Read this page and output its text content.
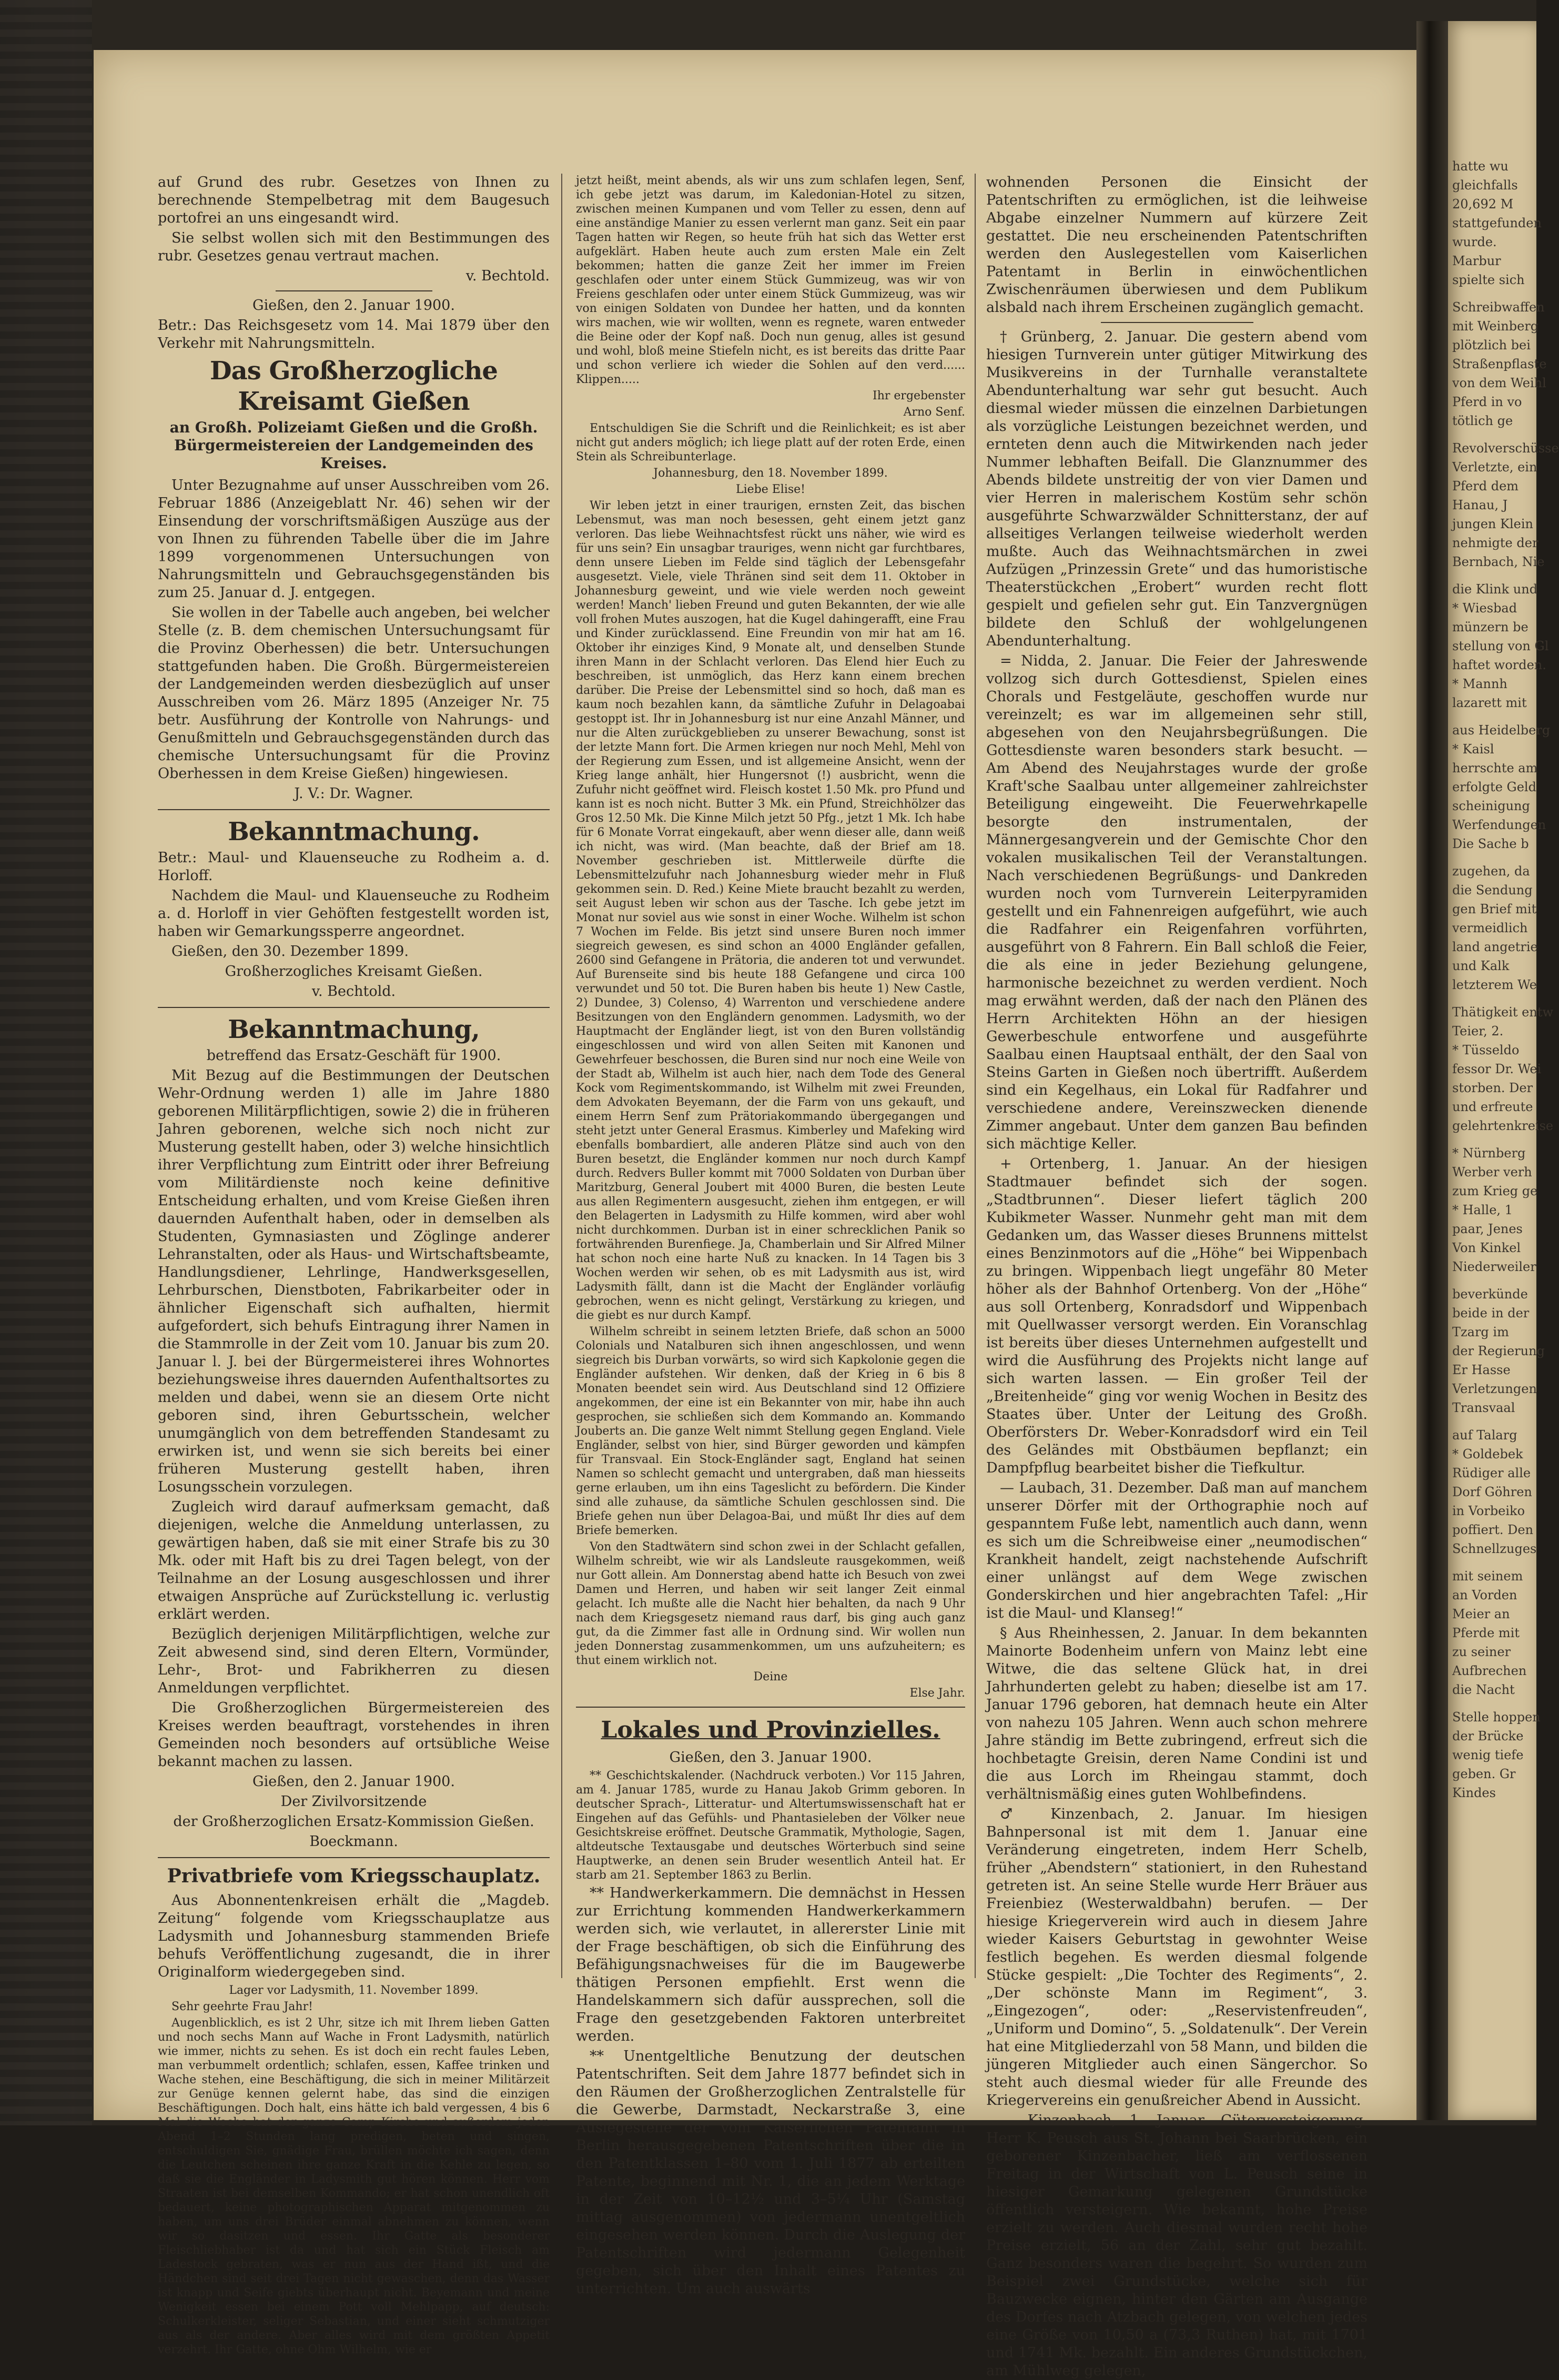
hatte wu
gleichfalls
20,692 M
stattgefunden
wurde.
Marbur
spielte sich
Schreibwaffen
mit Weinberg
plötzlich bei
Straßenpflaste
von dem Weihl
Pferd in vo
tötlich ge
Revolverschüsse
Verletzte, ein
Pferd dem
Hanau, J
jungen Klein
nehmigte der
Bernbach, Nie
die Klink und
* Wiesbad
münzern be
stellung von Gl
haftet worden.
* Mannh
lazarett mit
aus Heidelberg
* Kaisl
herrschte am
erfolgte Geld
scheinigung
Werfendungen
Die Sache b
zugehen, da
die Sendung
gen Brief mit
vermeidlich
land angetrie
und Kalk
letzterem We
Thätigkeit entw
Teier, 2.
* Tüsseldo
fessor Dr. Wei
storben. Der
und erfreute
gelehrtenkreise
* Nürnberg
Werber verh
zum Krieg ge
* Halle, 1
paar, Jenes
Von Kinkel
Niederweiler
beverkünde
beide in der
Tzarg im
der Regierung
Er Hasse
Verletzungen
Transvaal
auf Talarg
* Goldebek
Rüdiger alle
Dorf Göhren
in Vorbeiko
poffiert. Den
Schnellzuges
mit seinem
an Vorden
Meier an
Pferde mit
zu seiner
Aufbrechen
die Nacht
Stelle hoppen
der Brücke
wenig tiefe
geben. Gr
Kindes

auf Grund des rubr. Gesetzes von Ihnen zu berechnende Stempelbetrag mit dem Baugesuch portofrei an uns eingesandt wird.

Sie selbst wollen sich mit den Bestimmungen des rubr. Gesetzes genau vertraut machen.

v. Bechtold.

Gießen, den 2. Januar 1900.

Betr.: Das Reichsgesetz vom 14. Mai 1879 über den Verkehr mit Nahrungsmitteln.

Das Großherzogliche Kreisamt Gießen
an Großh. Polizeiamt Gießen und die Großh. Bürgermeistereien der Landgemeinden des Kreises.

Unter Bezugnahme auf unser Ausschreiben vom 26. Februar 1886 (Anzeigeblatt Nr. 46) sehen wir der Einsendung der vorschriftsmäßigen Auszüge aus der von Ihnen zu führenden Tabelle über die im Jahre 1899 vorgenommenen Untersuchungen von Nahrungsmitteln und Gebrauchsgegenständen bis zum 25. Januar d. J. entgegen.

Sie wollen in der Tabelle auch angeben, bei welcher Stelle (z. B. dem chemischen Untersuchungsamt für die Provinz Oberhessen) die betr. Untersuchungen stattgefunden haben. Die Großh. Bürgermeistereien der Landgemeinden werden diesbezüglich auf unser Ausschreiben vom 26. März 1895 (Anzeiger Nr. 75 betr. Ausführung der Kontrolle von Nahrungs- und Genußmitteln und Gebrauchsgegenständen durch das chemische Untersuchungsamt für die Provinz Oberhessen in dem Kreise Gießen) hingewiesen.

J. V.: Dr. Wagner.

Bekanntmachung.

Betr.: Maul- und Klauenseuche zu Rodheim a. d. Horloff.

Nachdem die Maul- und Klauenseuche zu Rodheim a. d. Horloff in vier Gehöften festgestellt worden ist, haben wir Gemarkungssperre angeordnet.

Gießen, den 30. Dezember 1899.

Großherzogliches Kreisamt Gießen.

v. Bechtold.

Bekanntmachung,

betreffend das Ersatz-Geschäft für 1900.

Mit Bezug auf die Bestimmungen der Deutschen Wehr-Ordnung werden 1) alle im Jahre 1880 geborenen Militärpflichtigen, sowie 2) die in früheren Jahren geborenen, welche sich noch nicht zur Musterung gestellt haben, oder 3) welche hinsichtlich ihrer Verpflichtung zum Eintritt oder ihrer Befreiung vom Militärdienste noch keine definitive Entscheidung erhalten, und vom Kreise Gießen ihren dauernden Aufenthalt haben, oder in demselben als Studenten, Gymnasiasten und Zöglinge anderer Lehranstalten, oder als Haus- und Wirtschaftsbeamte, Handlungsdiener, Lehrlinge, Handwerksgesellen, Lehrburschen, Dienstboten, Fabrikarbeiter oder in ähnlicher Eigenschaft sich aufhalten, hiermit aufgefordert, sich behufs Eintragung ihrer Namen in die Stammrolle in der Zeit vom 10. Januar bis zum 20. Januar l. J. bei der Bürgermeisterei ihres Wohnortes beziehungsweise ihres dauernden Aufenthaltsortes zu melden und dabei, wenn sie an diesem Orte nicht geboren sind, ihren Geburtsschein, welcher unumgänglich von dem betreffenden Standesamt zu erwirken ist, und wenn sie sich bereits bei einer früheren Musterung gestellt haben, ihren Losungsschein vorzulegen.

Zugleich wird darauf aufmerksam gemacht, daß diejenigen, welche die Anmeldung unterlassen, zu gewärtigen haben, daß sie mit einer Strafe bis zu 30 Mk. oder mit Haft bis zu drei Tagen belegt, von der Teilnahme an der Losung ausgeschlossen und ihrer etwaigen Ansprüche auf Zurückstellung ic. verlustig erklärt werden.

Bezüglich derjenigen Militärpflichtigen, welche zur Zeit abwesend sind, sind deren Eltern, Vormünder, Lehr-, Brot- und Fabrikherren zu diesen Anmeldungen verpflichtet.

Die Großherzoglichen Bürgermeistereien des Kreises werden beauftragt, vorstehendes in ihren Gemeinden noch besonders auf ortsübliche Weise bekannt machen zu lassen.

Gießen, den 2. Januar 1900.

Der Zivilvorsitzende

der Großherzoglichen Ersatz-Kommission Gießen.

Boeckmann.

Privatbriefe vom Kriegsschauplatz.

Aus Abonnentenkreisen erhält die „Magdeb. Zeitung“ folgende vom Kriegsschauplatze aus Ladysmith und Johannesburg stammenden Briefe behufs Veröffentlichung zugesandt, die in ihrer Originalform wiedergegeben sind.

Lager vor Ladysmith, 11. November 1899.

Sehr geehrte Frau Jahr!

Augenblicklich, es ist 2 Uhr, sitze ich mit Ihrem lieben Gatten und noch sechs Mann auf Wache in Front Ladysmith, natürlich wie immer, nichts zu sehen. Es ist doch ein recht faules Leben, man verbummelt ordentlich; schlafen, essen, Kaffee trinken und Wache stehen, eine Beschäftigung, die sich in meiner Militärzeit zur Genüge kennen gelernt habe, das sind die einzigen Beschäftigungen. Doch halt, eins hätte ich bald vergessen, 4 bis 6 Mal die Woche hat der ganze Camp Kirche und außerdem jeden Abend 1–2 Stunden lang predigen, beten und singen, entschuldigen Sie, gnädige Frau, brüllen möchte ich sagen, denn die Leutchen scheinen ihre ganze Kraft in die Kehle zu legen, so daß sie die Engländer in Ladysmith gut hören können. Herr vom Straaten ist bei demselben Kommando; er hat schon unendlich oft bedauert, keine photographischen Apparat mitgenommen zu haben, um uns drei Brüder einmal abnehmen zu können, wenn wir so dasitzen und essen. Ihr Gatte als besonderer Fleischliebhaber ist da und hat sich ein Stück Fleisch am Ladestock gebraten, was er nun aus der Hand ißt, und die Händchen sind seit drei Tagen nicht gewaschen, denn das Wasser ist knapp und Seife giebts überhaupt nicht. Beyemann und meine Wenigkeit essen bei einem Pott voll Mehlpapp, auf deutsch: Schulkerkleister, seliger Sebastian, und einer sieht schmutziger aus als der andere. Aber alles wird mit dem größten Appetit verzehrt. Ihr Gatte, ohne Ohm Wilhelm, wie er

jetzt heißt, meint abends, als wir uns zum schlafen legen, Senf, ich gebe jetzt was darum, im Kaledonian-Hotel zu sitzen, zwischen meinen Kumpanen und vom Teller zu essen, denn auf eine anständige Manier zu essen verlernt man ganz. Seit ein paar Tagen hatten wir Regen, so heute früh hat sich das Wetter erst aufgeklärt. Haben heute auch zum ersten Male ein Zelt bekommen; hatten die ganze Zeit her immer im Freien geschlafen oder unter einem Stück Gummizeug, was wir von Freiens geschlafen oder unter einem Stück Gummizeug, was wir von einigen Soldaten von Dundee her hatten, und da konnten wirs machen, wie wir wollten, wenn es regnete, waren entweder die Beine oder der Kopf naß. Doch nun genug, alles ist gesund und wohl, bloß meine Stiefeln nicht, es ist bereits das dritte Paar und schon verliere ich wieder die Sohlen auf den verd...... Klippen.....

Ihr ergebenster

Arno Senf.

Entschuldigen Sie die Schrift und die Reinlichkeit; es ist aber nicht gut anders möglich; ich liege platt auf der roten Erde, einen Stein als Schreibunterlage.

Johannesburg, den 18. November 1899.

Liebe Elise!

Wir leben jetzt in einer traurigen, ernsten Zeit, das bischen Lebensmut, was man noch besessen, geht einem jetzt ganz verloren. Das liebe Weihnachtsfest rückt uns näher, wie wird es für uns sein? Ein unsagbar trauriges, wenn nicht gar furchtbares, denn unsere Lieben im Felde sind täglich der Lebensgefahr ausgesetzt. Viele, viele Thränen sind seit dem 11. Oktober in Johannesburg geweint, und wie viele werden noch geweint werden! Manch' lieben Freund und guten Bekannten, der wie alle voll frohen Mutes auszogen, hat die Kugel dahingerafft, eine Frau und Kinder zurücklassend. Eine Freundin von mir hat am 16. Oktober ihr einziges Kind, 9 Monate alt, und denselben Stunde ihren Mann in der Schlacht verloren. Das Elend hier Euch zu beschreiben, ist unmöglich, das Herz kann einem brechen darüber. Die Preise der Lebensmittel sind so hoch, daß man es kaum noch bezahlen kann, da sämtliche Zufuhr in Delagoabai gestoppt ist. Ihr in Johannesburg ist nur eine Anzahl Männer, und nur die Alten zurückgeblieben zu unserer Bewachung, sonst ist der letzte Mann fort. Die Armen kriegen nur noch Mehl, Mehl von der Regierung zum Essen, und ist allgemeine Ansicht, wenn der Krieg lange anhält, hier Hungersnot (!) ausbricht, wenn die Zufuhr nicht geöffnet wird. Fleisch kostet 1.50 Mk. pro Pfund und kann ist es noch nicht. Butter 3 Mk. ein Pfund, Streichhölzer das Gros 12.50 Mk. Die Kinne Milch jetzt 50 Pfg., jetzt 1 Mk. Ich habe für 6 Monate Vorrat eingekauft, aber wenn dieser alle, dann weiß ich nicht, was wird. (Man beachte, daß der Brief am 18. November geschrieben ist. Mittlerweile dürfte die Lebensmittelzufuhr nach Johannesburg wieder mehr in Fluß gekommen sein. D. Red.) Keine Miete braucht bezahlt zu werden, seit August leben wir schon aus der Tasche. Ich gebe jetzt im Monat nur soviel aus wie sonst in einer Woche. Wilhelm ist schon 7 Wochen im Felde. Bis jetzt sind unsere Buren noch immer siegreich gewesen, es sind schon an 4000 Engländer gefallen, 2600 sind Gefangene in Prätoria, die anderen tot und verwundet. Auf Burenseite sind bis heute 188 Gefangene und circa 100 verwundet und 50 tot. Die Buren haben bis heute 1) New Castle, 2) Dundee, 3) Colenso, 4) Warrenton und verschiedene andere Besitzungen von den Engländern genommen. Ladysmith, wo der Hauptmacht der Engländer liegt, ist von den Buren vollständig eingeschlossen und wird von allen Seiten mit Kanonen und Gewehrfeuer beschossen, die Buren sind nur noch eine Weile von der Stadt ab, Wilhelm ist auch hier, nach dem Tode des General Kock vom Regimentskommando, ist Wilhelm mit zwei Freunden, dem Advokaten Beyemann, der die Farm von uns gekauft, und einem Herrn Senf zum Prätoriakommando übergegangen und steht jetzt unter General Erasmus. Kimberley und Mafeking wird ebenfalls bombardiert, alle anderen Plätze sind auch von den Buren besetzt, die Engländer kommen nur noch durch Kampf durch. Redvers Buller kommt mit 7000 Soldaten von Durban über Maritzburg, General Joubert mit 4000 Buren, die besten Leute aus allen Regimentern ausgesucht, ziehen ihm entgegen, er will den Belagerten in Ladysmith zu Hilfe kommen, wird aber wohl nicht durchkommen. Durban ist in einer schrecklichen Panik so fortwährenden Burenfiege. Ja, Chamberlain und Sir Alfred Milner hat schon noch eine harte Nuß zu knacken. In 14 Tagen bis 3 Wochen werden wir sehen, ob es mit Ladysmith aus ist, wird Ladysmith fällt, dann ist die Macht der Engländer vorläufig gebrochen, wenn es nicht gelingt, Verstärkung zu kriegen, und die giebt es nur durch Kampf.

Wilhelm schreibt in seinem letzten Briefe, daß schon an 5000 Colonials und Natalburen sich ihnen angeschlossen, und wenn siegreich bis Durban vorwärts, so wird sich Kapkolonie gegen die Engländer aufstehen. Wir denken, daß der Krieg in 6 bis 8 Monaten beendet sein wird. Aus Deutschland sind 12 Offiziere angekommen, der eine ist ein Bekannter von mir, habe ihn auch gesprochen, sie schließen sich dem Kommando an. Kommando Jouberts an. Die ganze Welt nimmt Stellung gegen England. Viele Engländer, selbst von hier, sind Bürger geworden und kämpfen für Transvaal. Ein Stock-Engländer sagt, England hat seinen Namen so schlecht gemacht und untergraben, daß man hiesseits gerne erlauben, um ihn eins Tageslicht zu befördern. Die Kinder sind alle zuhause, da sämtliche Schulen geschlossen sind. Die Briefe gehen nun über Delagoa-Bai, und müßt Ihr dies auf dem Briefe bemerken.

Von den Stadtwätern sind schon zwei in der Schlacht gefallen, Wilhelm schreibt, wie wir als Landsleute rausgekommen, weiß nur Gott allein. Am Donnerstag abend hatte ich Besuch von zwei Damen und Herren, und haben wir seit langer Zeit einmal gelacht. Ich mußte alle die Nacht hier behalten, da nach 9 Uhr nach dem Kriegsgesetz niemand raus darf, bis ging auch ganz gut, da die Zimmer fast alle in Ordnung sind. Wir wollen nun jeden Donnerstag zusammenkommen, um uns aufzuheitern; es thut einem wirklich not.

Deine

Else Jahr.

Lokales und Provinzielles.

Gießen, den 3. Januar 1900.

** Geschichtskalender. (Nachdruck verboten.) Vor 115 Jahren, am 4. Januar 1785, wurde zu Hanau Jakob Grimm geboren. In deutscher Sprach-, Litteratur- und Altertumswissenschaft hat er Eingehen auf das Gefühls- und Phantasieleben der Völker neue Gesichtskreise eröffnet. Deutsche Grammatik, Mythologie, Sagen, altdeutsche Textausgabe und deutsches Wörterbuch sind seine Hauptwerke, an denen sein Bruder wesentlich Anteil hat. Er starb am 21. September 1863 zu Berlin.

** Handwerkerkammern. Die demnächst in Hessen zur Errichtung kommenden Handwerkerkammern werden sich, wie verlautet, in allererster Linie mit der Frage beschäftigen, ob sich die Einführung des Befähigungsnachweises für die im Baugewerbe thätigen Personen empfiehlt. Erst wenn die Handelskammern sich dafür aussprechen, soll die Frage den gesetzgebenden Faktoren unterbreitet werden.

** Unentgeltliche Benutzung der deutschen Patentschriften. Seit dem Jahre 1877 befindet sich in den Räumen der Großherzoglichen Zentralstelle für die Gewerbe, Darmstadt, Neckarstraße 3, eine Auslegestelle der vom Kaiserlichen Patentamt in Berlin herausgegebenen Patentschriften über die in den Patentklassen 1–80 vom 1. Juli 1877 ab erteilten Patente, beginnend mit Nr. 1, die an jedem Werktage in der Zeit von 10–12½ und 3–5¼ Uhr (Samstag mittag ausgenommen) von jedermann unentgeltlich eingesehen werden können. Durch die Auslegung der Patentschriften wird jedermann Gelegenheit gegeben, sich über den Inhalt eines Patentes zu unterrichten. Um auch auswärts

wohnenden Personen die Einsicht der Patentschriften zu ermöglichen, ist die leihweise Abgabe einzelner Nummern auf kürzere Zeit gestattet. Die neu erscheinenden Patentschriften werden den Auslegestellen vom Kaiserlichen Patentamt in Berlin in einwöchentlichen Zwischenräumen überwiesen und dem Publikum alsbald nach ihrem Erscheinen zugänglich gemacht.

† Grünberg, 2. Januar. Die gestern abend vom hiesigen Turnverein unter gütiger Mitwirkung des Musikvereins in der Turnhalle veranstaltete Abendunterhaltung war sehr gut besucht. Auch diesmal wieder müssen die einzelnen Darbietungen als vorzügliche Leistungen bezeichnet werden, und ernteten denn auch die Mitwirkenden nach jeder Nummer lebhaften Beifall. Die Glanznummer des Abends bildete unstreitig der von vier Damen und vier Herren in malerischem Kostüm sehr schön ausgeführte Schwarzwälder Schnitterstanz, der auf allseitiges Verlangen teilweise wiederholt werden mußte. Auch das Weihnachtsmärchen in zwei Aufzügen „Prinzessin Grete“ und das humoristische Theaterstückchen „Erobert“ wurden recht flott gespielt und gefielen sehr gut. Ein Tanzvergnügen bildete den Schluß der wohlgelungenen Abendunterhaltung.

= Nidda, 2. Januar. Die Feier der Jahreswende vollzog sich durch Gottesdienst, Spielen eines Chorals und Festgeläute, geschoffen wurde nur vereinzelt; es war im allgemeinen sehr still, abgesehen von den Neujahrsbegrüßungen. Die Gottesdienste waren besonders stark besucht. — Am Abend des Neujahrstages wurde der große Kraft'sche Saalbau unter allgemeiner zahlreichster Beteiligung eingeweiht. Die Feuerwehrkapelle besorgte den instrumentalen, der Männergesangverein und der Gemischte Chor den vokalen musikalischen Teil der Veranstaltungen. Nach verschiedenen Begrüßungs- und Dankreden wurden noch vom Turnverein Leiterpyramiden gestellt und ein Fahnenreigen aufgeführt, wie auch die Radfahrer ein Reigenfahren vorführten, ausgeführt von 8 Fahrern. Ein Ball schloß die Feier, die als eine in jeder Beziehung gelungene, harmonische bezeichnet zu werden verdient. Noch mag erwähnt werden, daß der nach den Plänen des Herrn Architekten Höhn an der hiesigen Gewerbeschule entworfene und ausgeführte Saalbau einen Hauptsaal enthält, der den Saal von Steins Garten in Gießen noch übertrifft. Außerdem sind ein Kegelhaus, ein Lokal für Radfahrer und verschiedene andere, Vereinszwecken dienende Zimmer angebaut. Unter dem ganzen Bau befinden sich mächtige Keller.

+ Ortenberg, 1. Januar. An der hiesigen Stadtmauer befindet sich der sogen. „Stadtbrunnen“. Dieser liefert täglich 200 Kubikmeter Wasser. Nunmehr geht man mit dem Gedanken um, das Wasser dieses Brunnens mittelst eines Benzinmotors auf die „Höhe“ bei Wippenbach zu bringen. Wippenbach liegt ungefähr 80 Meter höher als der Bahnhof Ortenberg. Von der „Höhe“ aus soll Ortenberg, Konradsdorf und Wippenbach mit Quellwasser versorgt werden. Ein Voranschlag ist bereits über dieses Unternehmen aufgestellt und wird die Ausführung des Projekts nicht lange auf sich warten lassen. — Ein großer Teil der „Breitenheide“ ging vor wenig Wochen in Besitz des Staates über. Unter der Leitung des Großh. Oberförsters Dr. Weber-Konradsdorf wird ein Teil des Geländes mit Obstbäumen bepflanzt; ein Dampfpflug bearbeitet bisher die Tiefkultur.

— Laubach, 31. Dezember. Daß man auf manchem unserer Dörfer mit der Orthographie noch auf gespanntem Fuße lebt, namentlich auch dann, wenn es sich um die Schreibweise einer „neumodischen“ Krankheit handelt, zeigt nachstehende Aufschrift einer unlängst auf dem Wege zwischen Gonderskirchen und hier angebrachten Tafel: „Hir ist die Maul- und Klanseg!“

§ Aus Rheinhessen, 2. Januar. In dem bekannten Mainorte Bodenheim unfern von Mainz lebt eine Witwe, die das seltene Glück hat, in drei Jahrhunderten gelebt zu haben; dieselbe ist am 17. Januar 1796 geboren, hat demnach heute ein Alter von nahezu 105 Jahren. Wenn auch schon mehrere Jahre ständig im Bette zubringend, erfreut sich die hochbetagte Greisin, deren Name Condini ist und die aus Lorch im Rheingau stammt, doch verhältnismäßig eines guten Wohlbefindens.

♂ Kinzenbach, 2. Januar. Im hiesigen Bahnpersonal ist mit dem 1. Januar eine Veränderung eingetreten, indem Herr Schelb, früher „Abendstern“ stationiert, in den Ruhestand getreten ist. An seine Stelle wurde Herr Bräuer aus Freienbiez (Westerwaldbahn) berufen. — Der hiesige Kriegerverein wird auch in diesem Jahre wieder Kaisers Geburtstag in gewohnter Weise festlich begehen. Es werden diesmal folgende Stücke gespielt: „Die Tochter des Regiments“, 2. „Der schönste Mann im Regiment“, 3. „Eingezogen“, oder: „Reservistenfreuden“, „Uniform und Domino“, 5. „Soldatenulk“. Der Verein hat eine Mitgliederzahl von 58 Mann, und bilden die jüngeren Mitglieder auch einen Sängerchor. So steht auch diesmal wieder für alle Freunde des Kriegervereins ein genußreicher Abend in Aussicht.

— Kinzenbach, 1. Januar. Güterversteigerung. Herr K. Peusch aus St. Johann bei Saarbrücken, ein geborener Kinzenbacher, ließ am verflossenen Freitag in der Wirtschaft von L. Peusch seine in hiesiger Gemarkung gelegenen Grundstücke öffentlich versteigern. Wie bekannt, hohe Preise erzielt zu werden. Auch diesmal wurden recht hohe Preise erzielt, 56 an der Zahl, sehr gut bezahlt. Ganz besonders waren die begehrt. So wurden zum Beispiel zwei Grundstücke, welche sich für Bauzwecke eignen, hinter den Gärten am Ausgange des Dorfes nach Atzbach gelegen, von welchen jedes eine Größe von 10,50 a (73,3 Ruthen) hat, mit 1701 und 1741 Mk. bezahlt. Ein anderes Grundstückchen, am Mühlweg gelegen,
